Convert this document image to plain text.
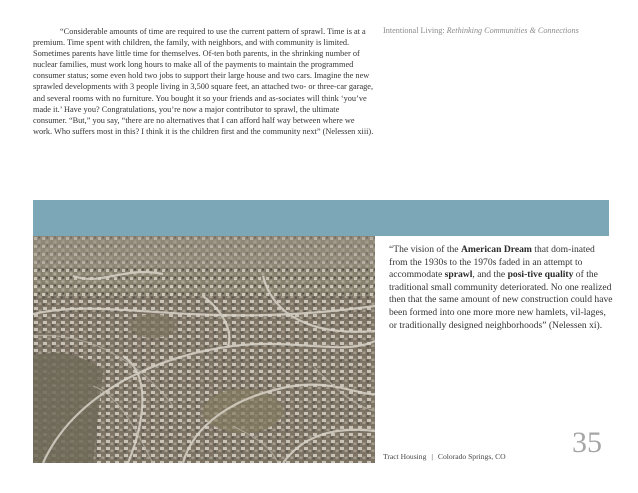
Intentional Living: Rethinking Communities & Connections

“Considerable amounts of time are required to use the current pattern of sprawl. Time is at a premium. Time spent with children, the family, with neighbors, and with community is limited. Sometimes parents have little time for themselves. Of-ten both parents, in the shrinking number of nuclear families, must work long hours to make all of the payments to maintain the programmed consumer status; some even hold two jobs to support their large house and two cars. Imagine the new sprawled developments with 3 people living in 3,500 square feet, an attached two- or three-car garage, and several rooms with no furniture. You bought it so your friends and as-sociates will think ‘you’ve made it.’ Have you? Congratulations, you’re now a major contributor to sprawl, the ultimate consumer. “But,” you say, “there are no alternatives that I can afford half way between where we work. Who suffers most in this? I think it is the children first and the community next” (Nelessen xiii).

“The vision of the American Dream that dom-inated from the 1930s to the 1970s faded in an attempt to accommodate sprawl, and the posi-tive quality of the traditional small community deteriorated. No one realized then that the same amount of new construction could have been formed into one more more new hamlets, vil-lages, or traditionally designed neighborhoods” (Nelessen xi).
Tract Housing | Colorado Springs, CO 35
